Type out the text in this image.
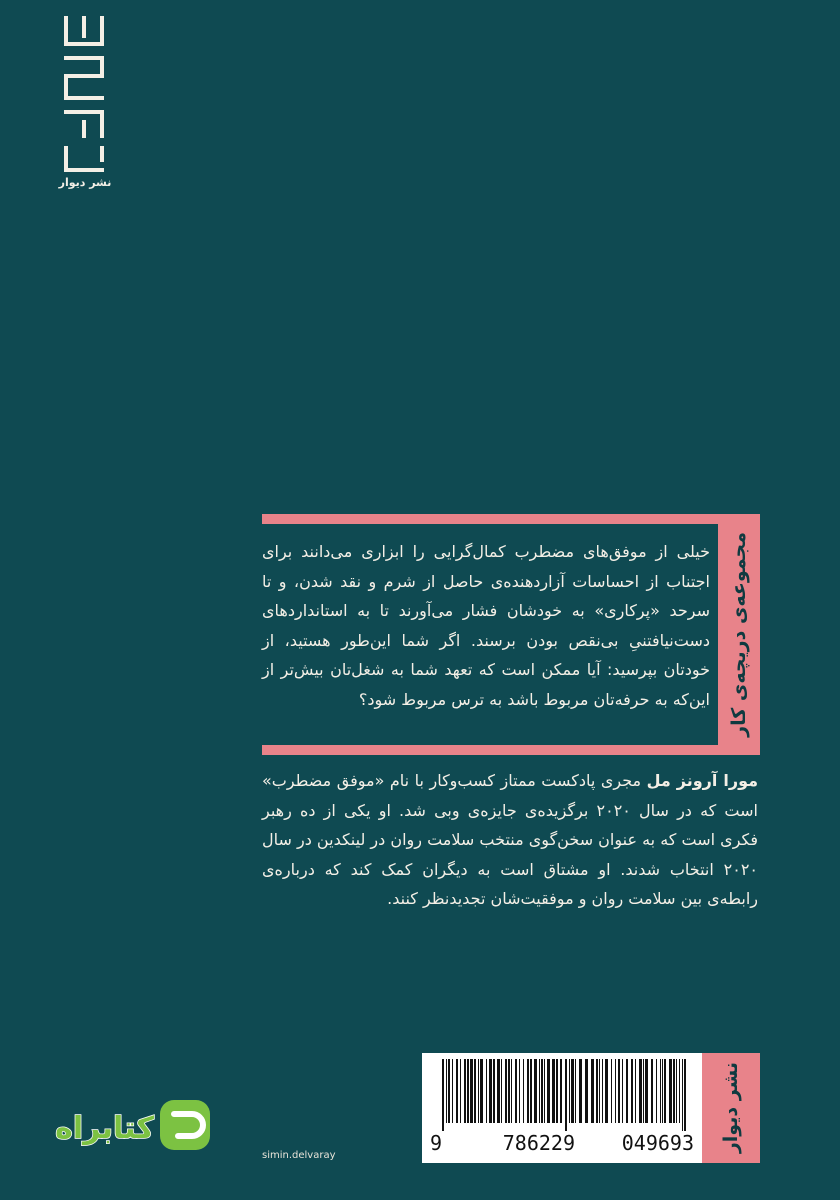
نشر دیوار
مجموعه‌ی دریچه‌ی کار
خیلی از موفق‌های مضطرب کمال‌گرایی را ابزاری می‌دانند برای اجتناب از احساسات آزاردهنده‌ی حاصل از شرم و نقد شدن، و تا سرحد «پرکاری» به خودشان فشار می‌آورند تا به استانداردهای دست‌نیافتنیِ بی‌نقص بودن برسند. اگر شما این‌طور هستید، از خودتان بپرسید: آیا ممکن است که تعهد شما به شغل‌تان بیش‌تر از این‌که به حرفه‌تان مربوط باشد به ترس مربوط شود؟
مورا آرونز مل مجری پادکست ممتاز کسب‌وکار با نام «موفق مضطرب» است که در سال ۲۰۲۰ برگزیده‌ی جایزه‌ی وبی شد. او یکی از ده رهبر فکری است که به عنوان سخن‌گوی منتخب سلامت روان در لینکدین در سال ۲۰۲۰ انتخاب شدند. او مشتاق است به دیگران کمک کند که درباره‌ی رابطه‌ی بین سلامت روان و موفقیت‌شان تجدیدنظر کنند.
9	786229 049693 نشر دیوار
simin.delvaray
کتابراه
